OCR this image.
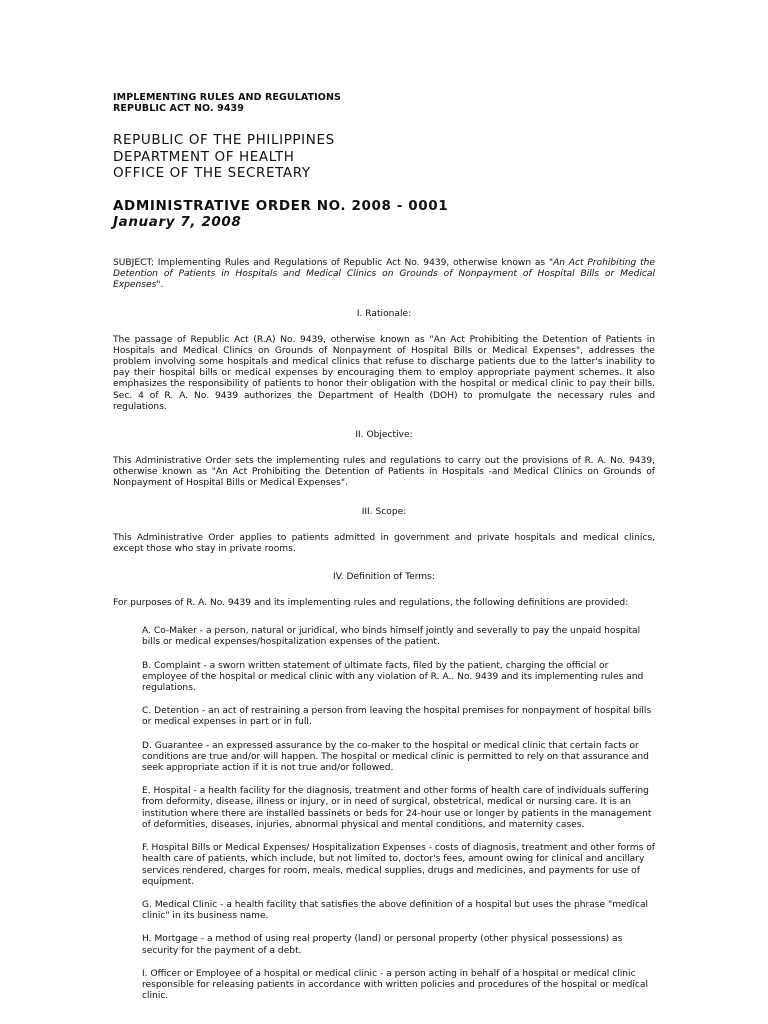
IMPLEMENTING RULES AND REGULATIONS
REPUBLIC ACT NO. 9439
REPUBLIC OF THE PHILIPPINES
DEPARTMENT OF HEALTH
OFFICE OF THE SECRETARY
ADMINISTRATIVE ORDER NO. 2008 - 0001
January 7, 2008

SUBJECT: Implementing Rules and Regulations of Republic Act No. 9439, otherwise known as "An Act Prohibiting the Detention of Patients in Hospitals and Medical Clinics on Grounds of Nonpayment of Hospital Bills or Medical Expenses".

I. Rationale:

The passage of Republic Act (R.A) No. 9439, otherwise known as "An Act Prohibiting the Detention of Patients in Hospitals and Medical Clinics on Grounds of Nonpayment of Hospital Bills or Medical Expenses", addresses the problem involving some hospitals and medical clinics that refuse to discharge patients due to the latter's inability to pay their hospital bills or medical expenses by encouraging them to employ appropriate payment schemes. It also emphasizes the responsibility of patients to honor their obligation with the hospital or medical clinic to pay their bills. Sec. 4 of R. A. No. 9439 authorizes the Department of Health (DOH) to promulgate the necessary rules and regulations.

II. Objective:

This Administrative Order sets the implementing rules and regulations to carry out the provisions of R. A. No. 9439, otherwise known as "An Act Prohibiting the Detention of Patients in Hospitals -and Medical Clinics on Grounds of Nonpayment of Hospital Bills or Medical Expenses".

III. Scope:

This Administrative Order applies to patients admitted in government and private hospitals and medical clinics, except those who stay in private rooms.

IV. Definition of Terms:

For purposes of R. A. No. 9439 and its implementing rules and regulations, the following definitions are provided:

A. Co-Maker - a person, natural or juridical, who binds himself jointly and severally to pay the unpaid hospital bills or medical expenses/hospitalization expenses of the patient.

B. Complaint - a sworn written statement of ultimate facts, filed by the patient, charging the official or employee of the hospital or medical clinic with any violation of R. A.. No. 9439 and its implementing rules and regulations.

C. Detention - an act of restraining a person from leaving the hospital premises for nonpayment of hospital bills or medical expenses in part or in full.

D. Guarantee - an expressed assurance by the co-maker to the hospital or medical clinic that certain facts or conditions are true and/or will happen. The hospital or medical clinic is permitted to rely on that assurance and seek appropriate action if it is not true and/or followed.

E. Hospital - a health facility for the diagnosis, treatment and other forms of health care of individuals suffering from deformity, disease, illness or injury, or in need of surgical, obstetrical, medical or nursing care. It is an institution where there are installed bassinets or beds for 24-hour use or longer by patients in the management of deformities, diseases, injuries, abnormal physical and mental conditions, and maternity cases.

F. Hospital Bills or Medical Expenses/ Hospitalization Expenses - costs of diagnosis, treatment and other forms of health care of patients, which include, but not limited to, doctor's fees, amount owing for clinical and ancillary services rendered, charges for room, meals, medical supplies, drugs and medicines, and payments for use of equipment.

G. Medical Clinic - a health facility that satisfies the above definition of a hospital but uses the phrase "medical clinic" in its business name.

H. Mortgage - a method of using real property (land) or personal property (other physical possessions) as security for the payment of a debt.

I. Officer or Employee of a hospital or medical clinic - a person acting in behalf of a hospital or medical clinic responsible for releasing patients in accordance with written policies and procedures of the hospital or medical clinic.
